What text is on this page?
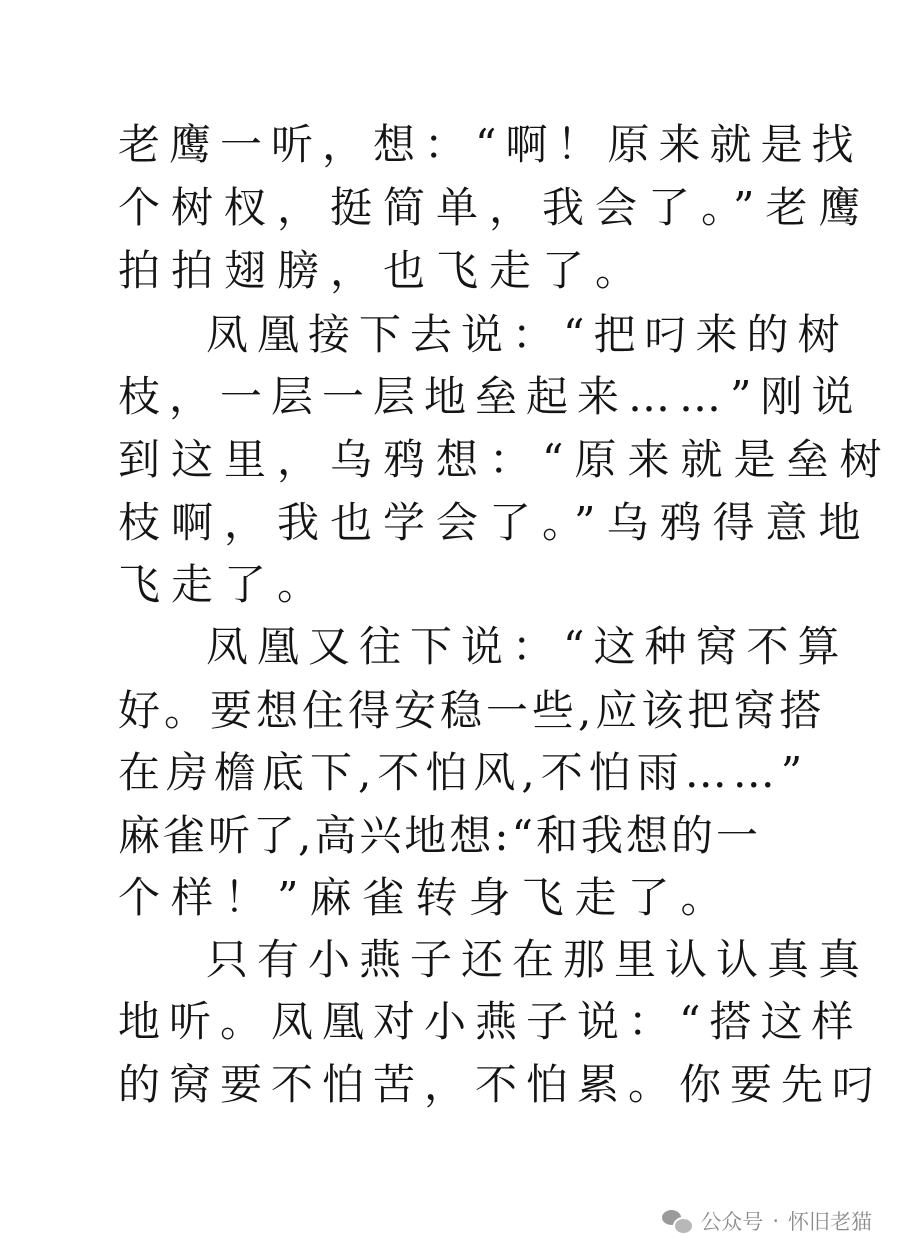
老鹰一听，想：“啊！原来就是找

个树杈，挺简单，我会了。”老鹰

拍拍翅膀，也飞走了。

凤凰接下去说：“把叼来的树

枝，一层一层地垒起来……”刚说

到这里，乌鸦想：“原来就是垒树

枝啊，我也学会了。”乌鸦得意地

飞走了。

凤凰又往下说：“这种窝不算

好。要想住得安稳一些,应该把窝搭

在房檐底下,不怕风,不怕雨……”

麻雀听了,高兴地想:“和我想的一

个样！”麻雀转身飞走了。

只有小燕子还在那里认认真真

地听。凤凰对小燕子说：“搭这样

的窝要不怕苦，不怕累。你要先叼

公众号 · 怀旧老猫
